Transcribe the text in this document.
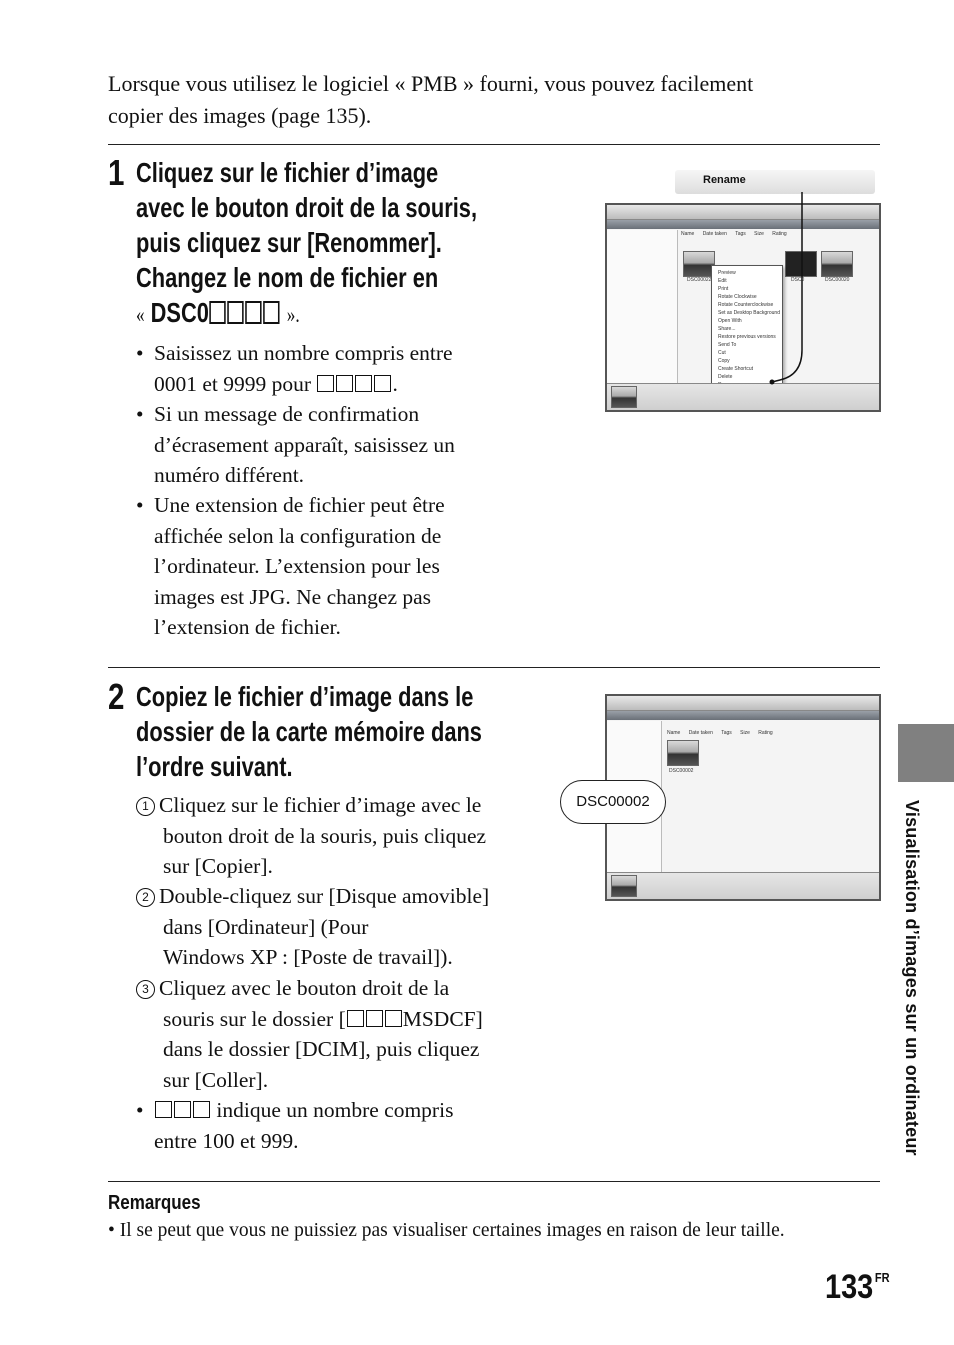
Lorsque vous utilisez le logiciel « PMB » fourni, vous pouvez facilement
copier des images (page 135).
1 Cliquez sur le fichier d’image
avec le bouton droit de la souris,
puis cliquez sur [Renommer].
Changez le nom de fichier en
« DSC0	».
• Saisissez un nombre compris entre
0001 et 9999 pour	.
• Si un message de confirmation
d’écrasement apparaît, saisissez un
numéro différent.
• Une extension de fichier peut être
affichée selon la configuration de
l’ordinateur. L’extension pour les
images est JPG. Ne changez pas
l’extension de fichier.
Rename
Name Date taken Tags Size Rating
DSC00022	DSC0	DSC00020
Preview
Edit
Print
Rotate Clockwise
Rotate Counterclockwise
Set as Desktop Background
Open With
Share...
Restore previous versions
Send To
Cut
Copy
Create Shortcut
Delete
2 Copiez le fichier d’image dans le
dossier de la carte mémoire dans
l’ordre suivant.
1 Cliquez sur le fichier d’image avec le
bouton droit de la souris, puis cliquez
sur [Copier].
2 Double-cliquez sur [Disque amovible]
dans [Ordinateur] (Pour
Windows XP : [Poste de travail]).
3 Cliquez avec le bouton droit de la
souris sur le dossier [	MSDCF]
dans le dossier [DCIM], puis cliquez
sur [Coller].
•	indique un nombre compris
entre 100 et 999.
Name Date taken Tags Size Rating
DSC00002
DSC00002
Remarques
• Il se peut que vous ne puissiez pas visualiser certaines images en raison de leur taille.
Visualisation d’images sur un ordinateur
133 $^{FR}$
